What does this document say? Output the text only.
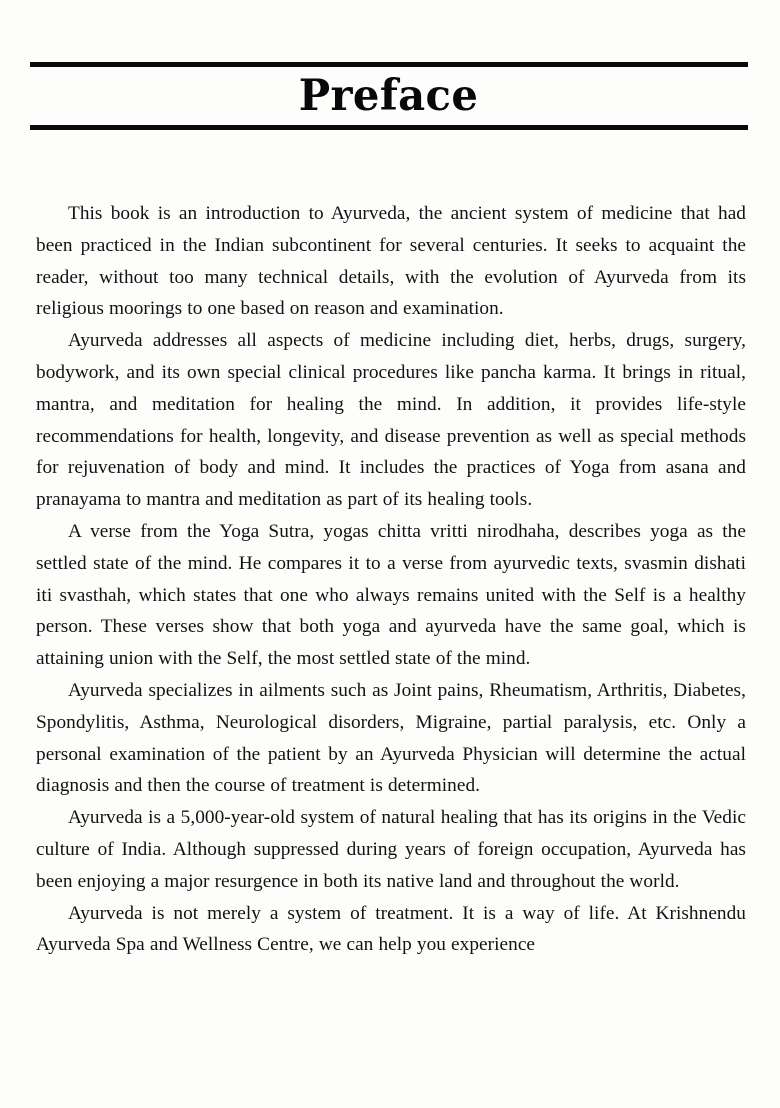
Preface

This book is an introduction to Ayurveda, the ancient system of medicine that had been practiced in the Indian subcontinent for several centuries. It seeks to acquaint the reader, without too many technical details, with the evolution of Ayurveda from its religious moorings to one based on reason and examination.

Ayurveda addresses all aspects of medicine including diet, herbs, drugs, surgery, bodywork, and its own special clinical procedures like pancha karma. It brings in ritual, mantra, and meditation for healing the mind. In addition, it provides life-style recommendations for health, longevity, and disease prevention as well as special methods for rejuvenation of body and mind. It includes the practices of Yoga from asana and pranayama to mantra and meditation as part of its healing tools.

A verse from the Yoga Sutra, yogas chitta vritti nirodhaha, describes yoga as the settled state of the mind. He compares it to a verse from ayurvedic texts, svasmin dishati iti svasthah, which states that one who always remains united with the Self is a healthy person. These verses show that both yoga and ayurveda have the same goal, which is attaining union with the Self, the most settled state of the mind.

Ayurveda specializes in ailments such as Joint pains, Rheumatism, Arthritis, Diabetes, Spondylitis, Asthma, Neurological disorders, Migraine, partial paralysis, etc. Only a personal examination of the patient by an Ayurveda Physician will determine the actual diagnosis and then the course of treatment is determined.

Ayurveda is a 5,000-year-old system of natural healing that has its origins in the Vedic culture of India. Although suppressed during years of foreign occupation, Ayurveda has been enjoying a major resurgence in both its native land and throughout the world.

Ayurveda is not merely a system of treatment. It is a way of life. At Krishnendu Ayurveda Spa and Wellness Centre, we can help you experience
